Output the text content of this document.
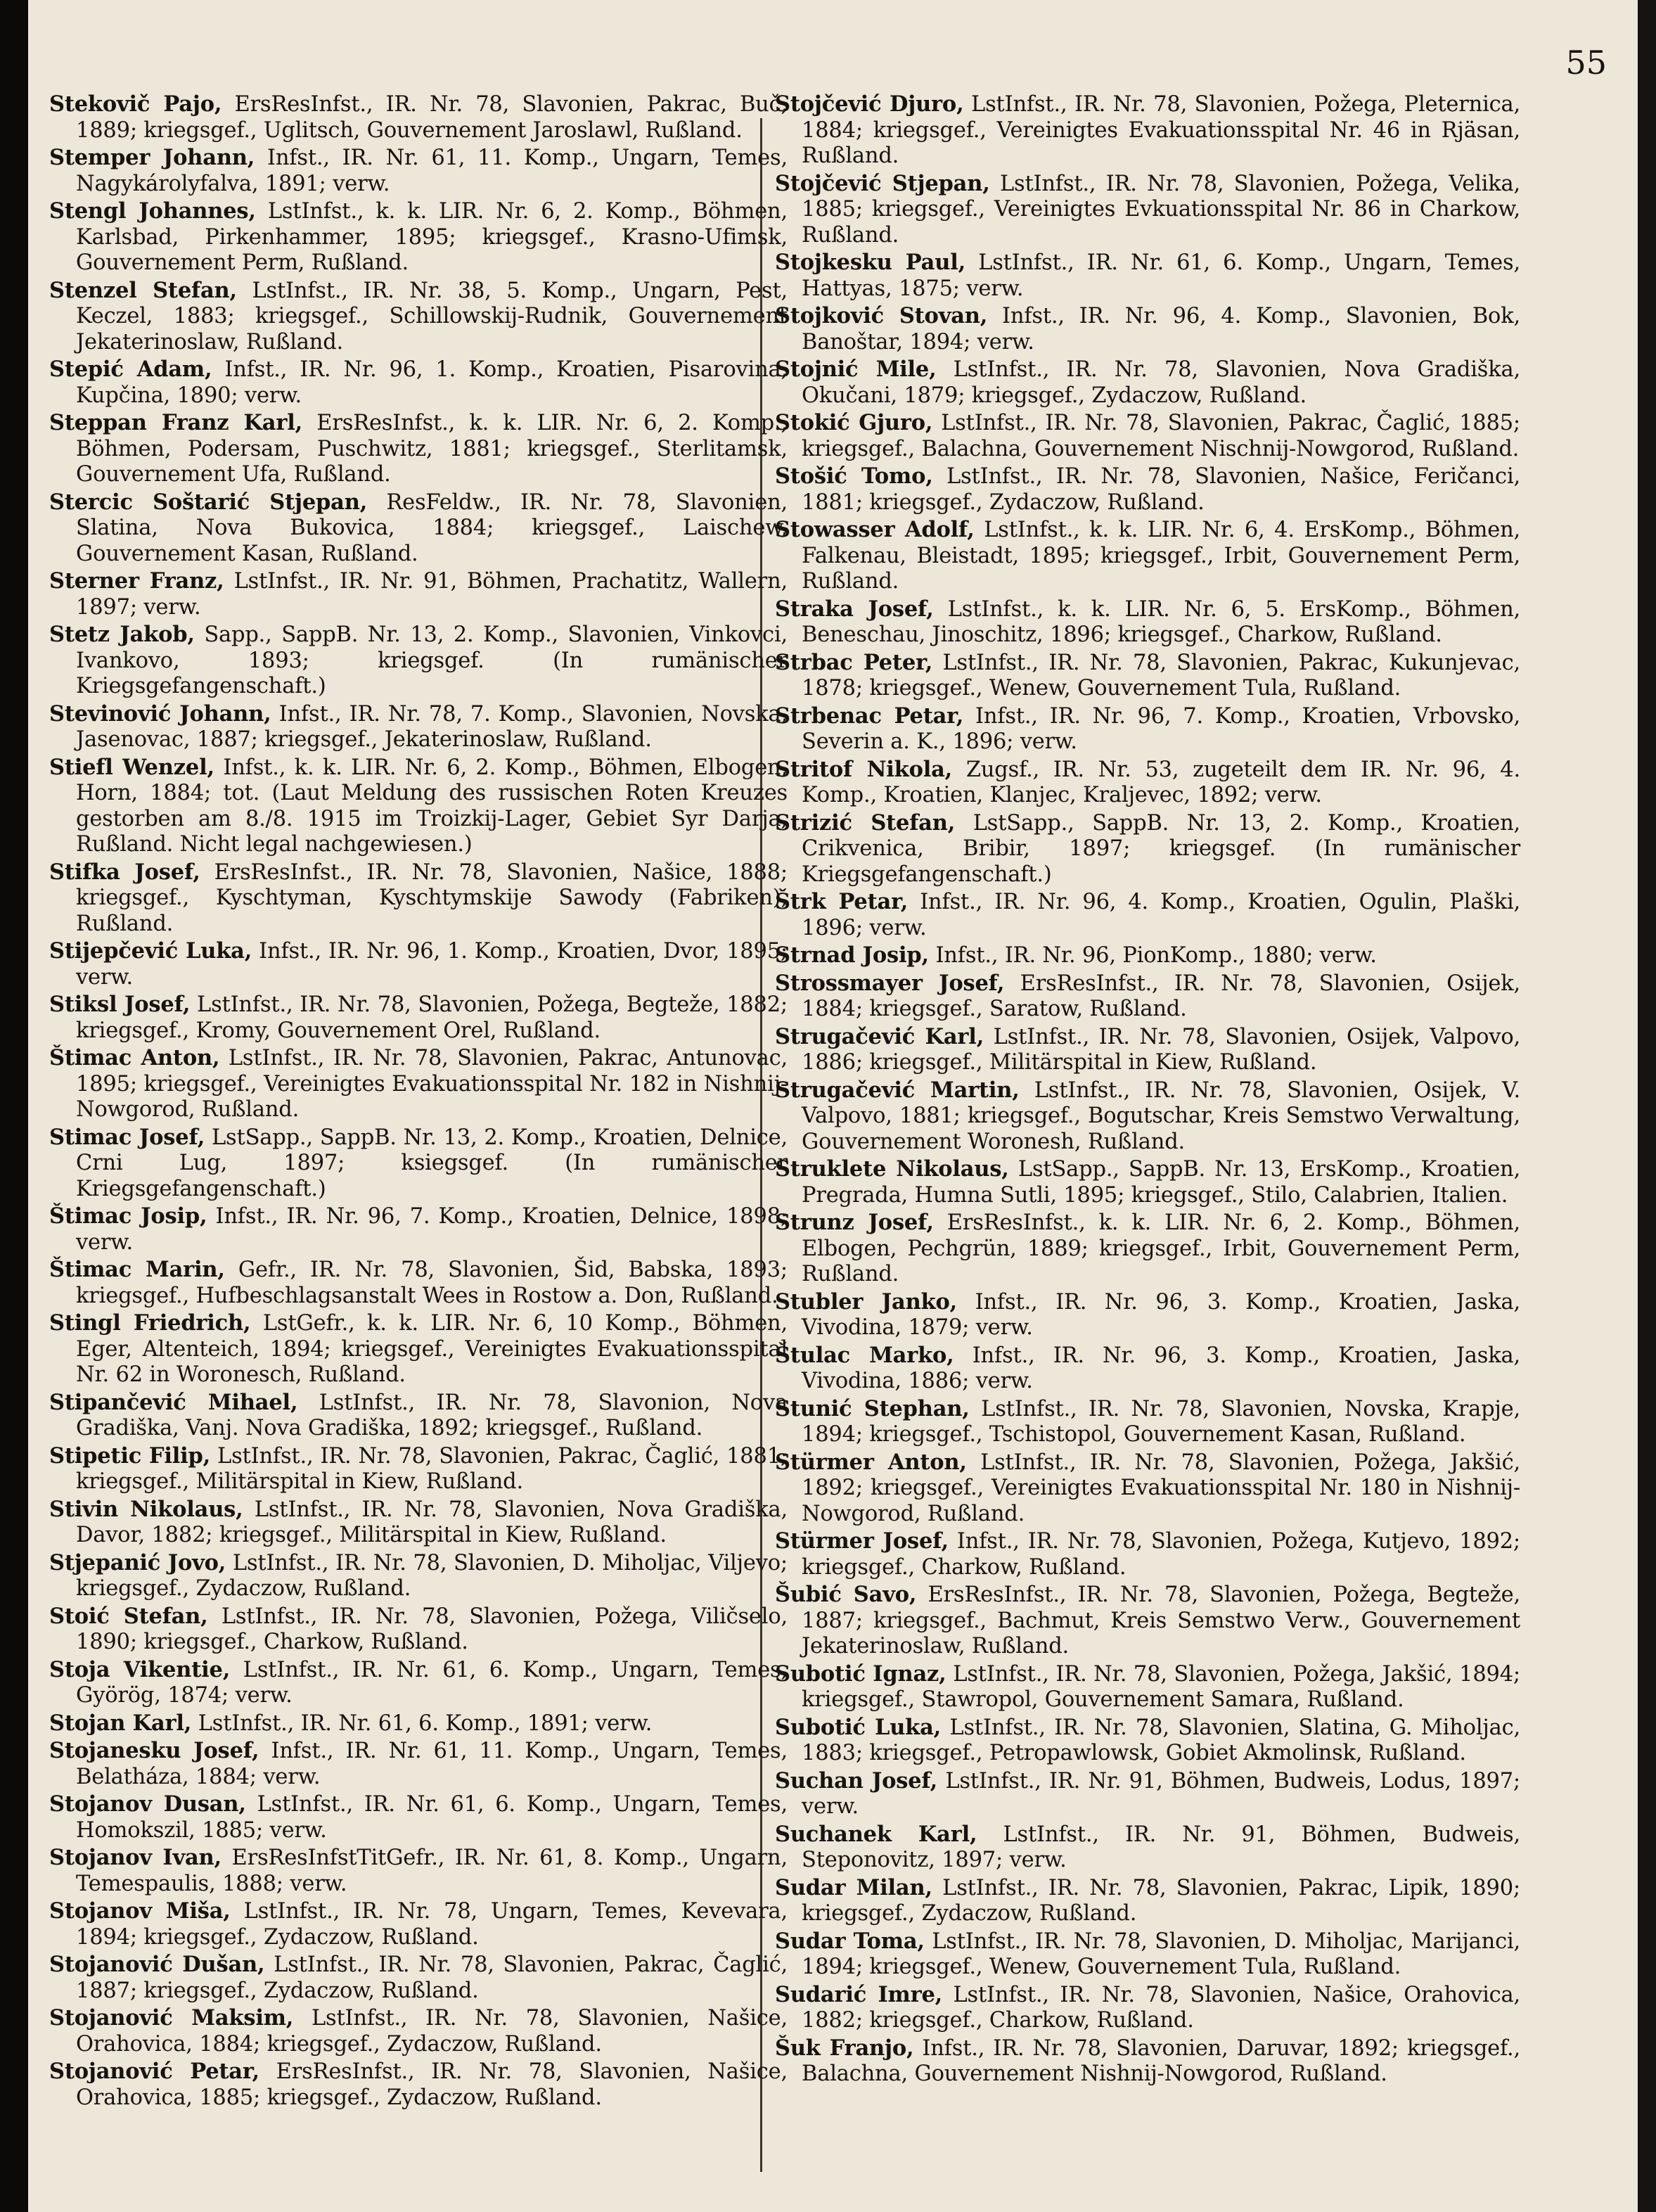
55

Stekovič Pajo, ErsResInfst., IR. Nr. 78, Slavonien, Pakrac, Buč, 1889; kriegsgef., Uglitsch, Gouvernement Jaroslawl, Rußland.

Stemper Johann, Infst., IR. Nr. 61, 11. Komp., Ungarn, Temes, Nagykárolyfalva, 1891; verw.

Stengl Johannes, LstInfst., k. k. LIR. Nr. 6, 2. Komp., Böhmen, Karlsbad, Pirkenhammer, 1895; kriegsgef., Krasno-Ufimsk, Gouvernement Perm, Rußland.

Stenzel Stefan, LstInfst., IR. Nr. 38, 5. Komp., Ungarn, Pest, Keczel, 1883; kriegsgef., Schillowskij-Rudnik, Gouvernement Jekaterinoslaw, Rußland.

Stepić Adam, Infst., IR. Nr. 96, 1. Komp., Kroatien, Pisarovina, Kupčina, 1890; verw.

Steppan Franz Karl, ErsResInfst., k. k. LIR. Nr. 6, 2. Komp., Böhmen, Podersam, Puschwitz, 1881; kriegsgef., Sterlitamsk, Gouvernement Ufa, Rußland.

Stercic Soštarić Stjepan, ResFeldw., IR. Nr. 78, Slavonien, Slatina, Nova Bukovica, 1884; kriegsgef., Laischew, Gouvernement Kasan, Rußland.

Sterner Franz, LstInfst., IR. Nr. 91, Böhmen, Prachatitz, Wallern, 1897; verw.

Stetz Jakob, Sapp., SappB. Nr. 13, 2. Komp., Slavonien, Vinkovci, Ivankovo, 1893; kriegsgef. (In rumänischer Kriegsgefangenschaft.)

Stevinović Johann, Infst., IR. Nr. 78, 7. Komp., Slavonien, Novska, Jasenovac, 1887; kriegsgef., Jekaterinoslaw, Rußland.

Stiefl Wenzel, Infst., k. k. LIR. Nr. 6, 2. Komp., Böhmen, Elbogen, Horn, 1884; tot. (Laut Meldung des russischen Roten Kreuzes gestorben am 8./8. 1915 im Troizkij-Lager, Gebiet Syr Darja, Rußland. Nicht legal nachgewiesen.)

Stifka Josef, ErsResInfst., IR. Nr. 78, Slavonien, Našice, 1888; kriegsgef., Kyschtyman, Kyschtymskije Sawody (Fabriken), Rußland.

Stijepčević Luka, Infst., IR. Nr. 96, 1. Komp., Kroatien, Dvor, 1895; verw.

Stiksl Josef, LstInfst., IR. Nr. 78, Slavonien, Požega, Begteže, 1882; kriegsgef., Kromy, Gouvernement Orel, Rußland.

Štimac Anton, LstInfst., IR. Nr. 78, Slavonien, Pakrac, Antunovac, 1895; kriegsgef., Vereinigtes Evakuationsspital Nr. 182 in Nishnij-Nowgorod, Rußland.

Stimac Josef, LstSapp., SappB. Nr. 13, 2. Komp., Kroatien, Delnice, Crni Lug, 1897; ksiegsgef. (In rumänischer Kriegsgefangenschaft.)

Štimac Josip, Infst., IR. Nr. 96, 7. Komp., Kroatien, Delnice, 1898; verw.

Štimac Marin, Gefr., IR. Nr. 78, Slavonien, Šid, Babska, 1893; kriegsgef., Hufbeschlagsanstalt Wees in Rostow a. Don, Rußland.

Stingl Friedrich, LstGefr., k. k. LIR. Nr. 6, 10 Komp., Böhmen, Eger, Altenteich, 1894; kriegsgef., Vereinigtes Evakuationsspital Nr. 62 in Woronesch, Rußland.

Stipančević Mihael, LstInfst., IR. Nr. 78, Slavonion, Nova Gradiška, Vanj. Nova Gradiška, 1892; kriegsgef., Rußland.

Stipetic Filip, LstInfst., IR. Nr. 78, Slavonien, Pakrac, Čaglić, 1881; kriegsgef., Militärspital in Kiew, Rußland.

Stivin Nikolaus, LstInfst., IR. Nr. 78, Slavonien, Nova Gradiška, Davor, 1882; kriegsgef., Militärspital in Kiew, Rußland.

Stjepanić Jovo, LstInfst., IR. Nr. 78, Slavonien, D. Miholjac, Viljevo; kriegsgef., Zydaczow, Rußland.

Stoić Stefan, LstInfst., IR. Nr. 78, Slavonien, Požega, Viličselo, 1890; kriegsgef., Charkow, Rußland.

Stoja Vikentie, LstInfst., IR. Nr. 61, 6. Komp., Ungarn, Temes, Györög, 1874; verw.

Stojan Karl, LstInfst., IR. Nr. 61, 6. Komp., 1891; verw.

Stojanesku Josef, Infst., IR. Nr. 61, 11. Komp., Ungarn, Temes, Belatháza, 1884; verw.

Stojanov Dusan, LstInfst., IR. Nr. 61, 6. Komp., Ungarn, Temes, Homokszil, 1885; verw.

Stojanov Ivan, ErsResInfstTitGefr., IR. Nr. 61, 8. Komp., Ungarn, Temespaulis, 1888; verw.

Stojanov Miša, LstInfst., IR. Nr. 78, Ungarn, Temes, Kevevara, 1894; kriegsgef., Zydaczow, Rußland.

Stojanović Dušan, LstInfst., IR. Nr. 78, Slavonien, Pakrac, Čaglić, 1887; kriegsgef., Zydaczow, Rußland.

Stojanović Maksim, LstInfst., IR. Nr. 78, Slavonien, Našice, Orahovica, 1884; kriegsgef., Zydaczow, Rußland.

Stojanović Petar, ErsResInfst., IR. Nr. 78, Slavonien, Našice, Orahovica, 1885; kriegsgef., Zydaczow, Rußland.

Stojčević Djuro, LstInfst., IR. Nr. 78, Slavonien, Požega, Pleternica, 1884; kriegsgef., Vereinigtes Evakuationsspital Nr. 46 in Rjäsan, Rußland.

Stojčević Stjepan, LstInfst., IR. Nr. 78, Slavonien, Požega, Velika, 1885; kriegsgef., Vereinigtes Evkuationsspital Nr. 86 in Charkow, Rußland.

Stojkesku Paul, LstInfst., IR. Nr. 61, 6. Komp., Ungarn, Temes, Hattyas, 1875; verw.

Stojković Stovan, Infst., IR. Nr. 96, 4. Komp., Slavonien, Bok, Banoštar, 1894; verw.

Stojnić Mile, LstInfst., IR. Nr. 78, Slavonien, Nova Gradiška, Okučani, 1879; kriegsgef., Zydaczow, Rußland.

Stokić Gjuro, LstInfst., IR. Nr. 78, Slavonien, Pakrac, Čaglić, 1885; kriegsgef., Balachna, Gouvernement Nischnij-Nowgorod, Rußland.

Stošić Tomo, LstInfst., IR. Nr. 78, Slavonien, Našice, Feričanci, 1881; kriegsgef., Zydaczow, Rußland.

Stowasser Adolf, LstInfst., k. k. LIR. Nr. 6, 4. ErsKomp., Böhmen, Falkenau, Bleistadt, 1895; kriegsgef., Irbit, Gouvernement Perm, Rußland.

Straka Josef, LstInfst., k. k. LIR. Nr. 6, 5. ErsKomp., Böhmen, Beneschau, Jinoschitz, 1896; kriegsgef., Charkow, Rußland.

Strbac Peter, LstInfst., IR. Nr. 78, Slavonien, Pakrac, Kukunjevac, 1878; kriegsgef., Wenew, Gouvernement Tula, Rußland.

Strbenac Petar, Infst., IR. Nr. 96, 7. Komp., Kroatien, Vrbovsko, Severin a. K., 1896; verw.

Stritof Nikola, Zugsf., IR. Nr. 53, zugeteilt dem IR. Nr. 96, 4. Komp., Kroatien, Klanjec, Kraljevec, 1892; verw.

Strizić Stefan, LstSapp., SappB. Nr. 13, 2. Komp., Kroatien, Crikvenica, Bribir, 1897; kriegsgef. (In rumänischer Kriegsgefangenschaft.)

Štrk Petar, Infst., IR. Nr. 96, 4. Komp., Kroatien, Ogulin, Plaški, 1896; verw.

Strnad Josip, Infst., IR. Nr. 96, PionKomp., 1880; verw.

Strossmayer Josef, ErsResInfst., IR. Nr. 78, Slavonien, Osijek, 1884; kriegsgef., Saratow, Rußland.

Strugačević Karl, LstInfst., IR. Nr. 78, Slavonien, Osijek, Valpovo, 1886; kriegsgef., Militärspital in Kiew, Rußland.

Strugačević Martin, LstInfst., IR. Nr. 78, Slavonien, Osijek, V. Valpovo, 1881; kriegsgef., Bogutschar, Kreis Semstwo Verwaltung, Gouvernement Woronesh, Rußland.

Struklete Nikolaus, LstSapp., SappB. Nr. 13, ErsKomp., Kroatien, Pregrada, Humna Sutli, 1895; kriegsgef., Stilo, Calabrien, Italien.

Strunz Josef, ErsResInfst., k. k. LIR. Nr. 6, 2. Komp., Böhmen, Elbogen, Pechgrün, 1889; kriegsgef., Irbit, Gouvernement Perm, Rußland.

Stubler Janko, Infst., IR. Nr. 96, 3. Komp., Kroatien, Jaska, Vivodina, 1879; verw.

Štulac Marko, Infst., IR. Nr. 96, 3. Komp., Kroatien, Jaska, Vivodina, 1886; verw.

Stunić Stephan, LstInfst., IR. Nr. 78, Slavonien, Novska, Krapje, 1894; kriegsgef., Tschistopol, Gouvernement Kasan, Rußland.

Stürmer Anton, LstInfst., IR. Nr. 78, Slavonien, Požega, Jakšić, 1892; kriegsgef., Vereinigtes Evakuationsspital Nr. 180 in Nishnij-Nowgorod, Rußland.

Stürmer Josef, Infst., IR. Nr. 78, Slavonien, Požega, Kutjevo, 1892; kriegsgef., Charkow, Rußland.

Šubić Savo, ErsResInfst., IR. Nr. 78, Slavonien, Požega, Begteže, 1887; kriegsgef., Bachmut, Kreis Semstwo Verw., Gouvernement Jekaterinoslaw, Rußland.

Subotić Ignaz, LstInfst., IR. Nr. 78, Slavonien, Požega, Jakšić, 1894; kriegsgef., Stawropol, Gouvernement Samara, Rußland.

Subotić Luka, LstInfst., IR. Nr. 78, Slavonien, Slatina, G. Miholjac, 1883; kriegsgef., Petropawlowsk, Gobiet Akmolinsk, Rußland.

Suchan Josef, LstInfst., IR. Nr. 91, Böhmen, Budweis, Lodus, 1897; verw.

Suchanek Karl, LstInfst., IR. Nr. 91, Böhmen, Budweis, Steponovitz, 1897; verw.

Sudar Milan, LstInfst., IR. Nr. 78, Slavonien, Pakrac, Lipik, 1890; kriegsgef., Zydaczow, Rußland.

Sudar Toma, LstInfst., IR. Nr. 78, Slavonien, D. Miholjac, Marijanci, 1894; kriegsgef., Wenew, Gouvernement Tula, Rußland.

Sudarić Imre, LstInfst., IR. Nr. 78, Slavonien, Našice, Orahovica, 1882; kriegsgef., Charkow, Rußland.

Šuk Franjo, Infst., IR. Nr. 78, Slavonien, Daruvar, 1892; kriegsgef., Balachna, Gouvernement Nishnij-Nowgorod, Rußland.
